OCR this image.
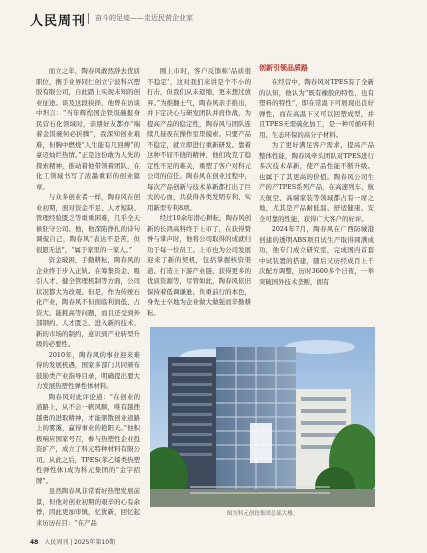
人民周刊 奋斗的足迹——走近民营企业家

而立之年，陶春风敢然辞去优质职位，携手业界同仁创立宁波科兴塑胶有限公司，自此踏上实现未知的创业征途。谈及这段抉择，他曾在访谈中坦言：“当年辉煌国企铁饭碗报身民营石化领域时，亲朋好友都亦“端着金饭碗何必折腾”，我深知创业艰难，但胸中燃烧“人生能有几回搏”的豪迈灿烂热情。”正是这份敢为人先的探索精神，推动着他带领着团队，在化工领域书写了浓墨重彩的创业篇章。

与众多创业者一样，陶春风在创业初期，面对资金不足、人才短缺、管理经验匮乏等重重困难，几乎全天候驻守公司。他，他深陷挣扎的诗句调侃自己，陶春风“表达不是苦，但很愿无法”，“属于家里的一家人。”

资金破困，手勤耕耘，陶春风的企业终于步入正轨。在筹集资金、吸引人才、健全管理机制等方面，公司状况都大为改观。但是，作为传统石化产业，陶春风不但面临利润低、占资大、能耗高等问题，而且还受到外部钢约、人才匮乏、进入新的技术、新的市场的制约，意识到产业转型升级的必要性。

2010年，陶春风的事业迎来难得的发展机遇，国家多部门共同颁布鼓励类产业指导目录，明确提出要大力发展热塑性弹性体材料。

陶春风对此评论道：“在创业的道路上，从不会一帆风顺，唯有越挫越勇的进取精神，才能驱散创业道路上的雾霭，赢得事业的艳阳天。”他积极响应国家号召，参与热塑性企业投资扩产，成立了科元特种材料有限公司。从此之后，TPES(苯乙烯类热塑性弹性体)成为科元集团的“金字招牌”。

虽然陶春风非常看好热塑发展前景，但他对创业初期的艰辛的心有余悸，因此更加审慎，忆犹新，回忆起来历历在目：“在产品

刚上市时，客户反馈称‘品质很不稳定’，这对我们来讲是个不小的打击，但我们从未退缩，更未想过放弃。”为推翻士气，陶春风亲手推出，并下定决心与研发团队并肩作战，为提高产品的稳定性，陶春风与团队连续几昼夜在操作室里摸索。只要产品不稳定，就立即进行重新研发。靠着这种不屈不挠的精神，他们攻克了稳定性不足的难关，重塑了客户对科元公司的信任。陶春风在创业过程中，每次产品创新与技术革新都打出了巨大的心血，共获得各类发明专利、实用新型专利8项。

经过10余年潜心耕耘，陶春风创新的长鸿高科终于上市了，在获得赞誉与掌声时，他将公司取得的成就归功于每一位员工。上市也为公司发展迎来了新的契机，包括掌握核资渠道、打造上下游产业链、获得更多的优质资源等，尽管如此，陶春风依旧保持着低调谦逊、负重前行的本色，身先士卒地为企业做大做强而辛勤耕耘。

创新引领品质路

在经营中，陶春风对TPES有了全新的认知，他认为“既有橡胶的特性，也有塑料的特性”，即在常温下可展现出良好弹性，而在高温下又可以回塑成型，并且TPES无需硫化加工，是一种可循环利用、生态环保的高分子材料。

为了更好满足客户需求，提高产品整体性能，陶春风牵头团队对TPES进行多次技术革新，使产品性能不断升级。也属于了其更高的价值。陶春风公司生产的产TPES系列产品，在高速列车、航天航空、高端家装等领域都占有一席之地，尤其是产品耐低温、舒适健康、安全可靠的性能，获得广大客户的好评。

2024年7月，陶春风在广西防城港创建的透明ABS项目试生产取得圆满成功，他专门成立研究室，完成国内首套中试装置的搭建，随后又历经成百上千次配方调整，历时3600多个日夜，一举突破国外技术垄断，拥有

图为科元创投集团总部大楼。
48 人民周刊 | 2025年第10期
